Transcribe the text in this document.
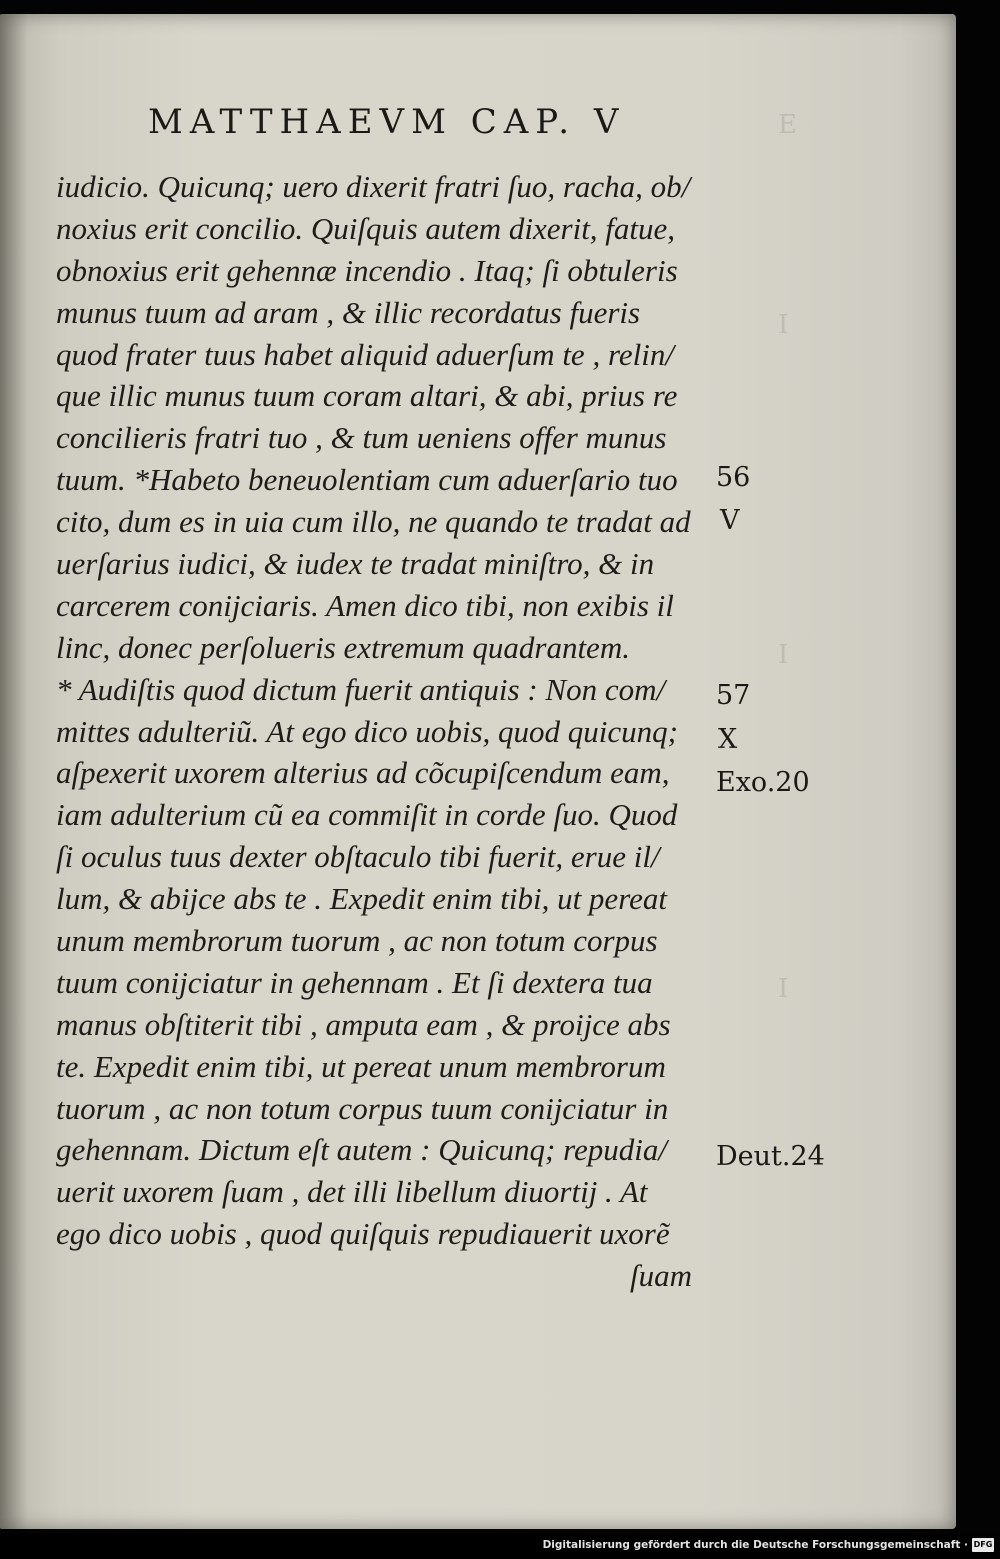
E
I
I
I
MATTHAEVM CAP. V
iudicio. Quicunq; uero dixerit fratri ſuo, racha, ob/
noxius erit concilio. Quiſquis autem dixerit, fatue,
obnoxius erit gehennæ incendio . Itaq; ſi obtuleris
munus tuum ad aram , & illic recordatus fueris
quod frater tuus habet aliquid aduerſum te , relin/
que illic munus tuum coram altari, & abi, prius re
concilieris fratri tuo , & tum ueniens offer munus
tuum. *Habeto beneuolentiam cum aduerſario tuo
cito, dum es in uia cum illo, ne quando te tradat ad
uerſarius iudici, & iudex te tradat miniſtro, & in
carcerem conijciaris. Amen dico tibi, non exibis il
linc, donec perſolueris extremum quadrantem.
* Audiſtis quod dictum fuerit antiquis : Non com/
mittes adulteriũ. At ego dico uobis, quod quicunq;
aſpexerit uxorem alterius ad cõcupiſcendum eam,
iam adulterium cũ ea commiſit in corde ſuo. Quod
ſi oculus tuus dexter obſtaculo tibi fuerit, erue il/
lum, & abijce abs te . Expedit enim tibi, ut pereat
unum membrorum tuorum , ac non totum corpus
tuum conijciatur in gehennam . Et ſi dextera tua
manus obſtiterit tibi , amputa eam , & proijce abs
te. Expedit enim tibi, ut pereat unum membrorum
tuorum , ac non totum corpus tuum conijciatur in
gehennam. Dictum eſt autem : Quicunq; repudia/
uerit uxorem ſuam , det illi libellum diuortij . At
ego dico uobis , quod quiſquis repudiauerit uxorẽ
ſuam
56
V
57
X
Exo.20
Deut.24
Digitalisierung gefördert durch die Deutsche Forschungsgemeinschaft · DFG
